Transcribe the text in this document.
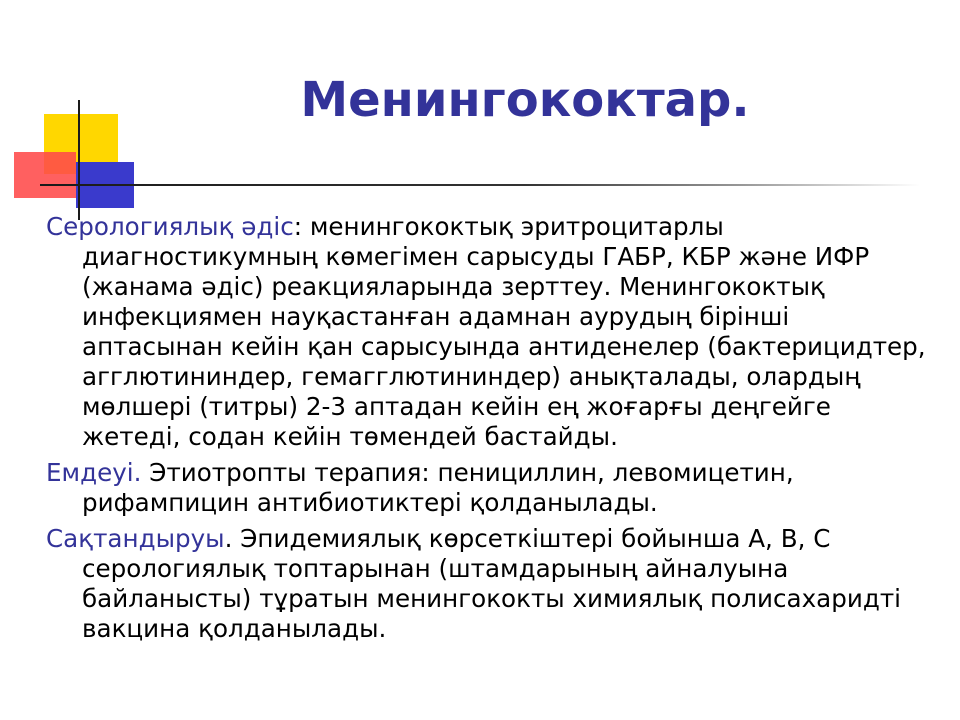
Менингококтар.

Серологиялық әдіс: менингококтық эритроцитарлы диагностикумның көмегімен сарысуды ГАБР, КБР және ИФР (жанама әдіс) реакцияларында зерттеу. Менингококтық инфекциямен науқастанған адамнан аурудың бірінші аптасынан кейін қан сарысуында антиденелер (бактерицидтер, агглютининдер, гемагглютининдер) анықталады, олардың мөлшері (титры) 2-3 аптадан кейін ең жоғарғы деңгейге жетеді, содан кейін төмендей бастайды.

Емдеуі. Этиотропты терапия: пенициллин, левомицетин, рифампицин антибиотиктері қолданылады.

Сақтандыруы. Эпидемиялық көрсеткіштері бойынша А, В, С серологиялық топтарынан (штамдарының айналуына байланысты) тұратын менингококты химиялық полисахаридті вакцина қолданылады.
